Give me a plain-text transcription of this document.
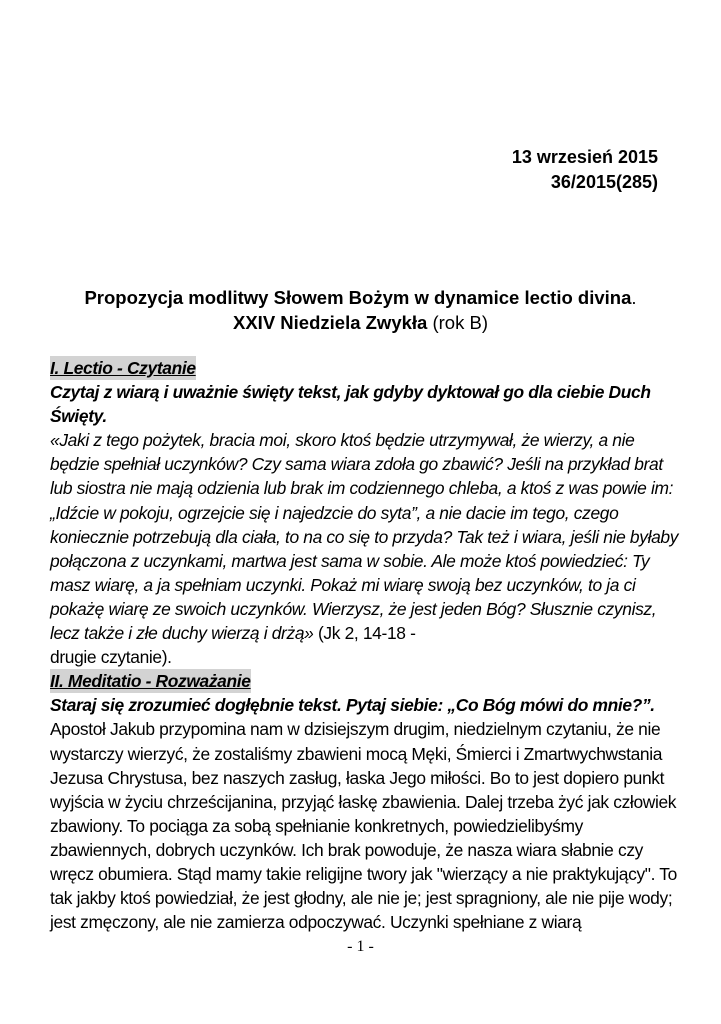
13 wrzesień 2015
36/2015(285)
Propozycja modlitwy Słowem Bożym w dynamice lectio divina.
XXIV Niedziela Zwykła (rok B)
I. Lectio - Czytanie
Czytaj z wiarą i uważnie święty tekst, jak gdyby dyktował go dla ciebie Duch Święty.
«Jaki z tego pożytek, bracia moi, skoro ktoś będzie utrzymywał, że wierzy, a nie będzie spełniał uczynków? Czy sama wiara zdoła go zbawić? Jeśli na przykład brat lub siostra nie mają odzienia lub brak im codziennego chleba, a ktoś z was powie im: „Idźcie w pokoju, ogrzejcie się i najedzcie do syta”, a nie dacie im tego, czego koniecznie potrzebują dla ciała, to na co się to przyda? Tak też i wiara, jeśli nie byłaby połączona z uczynkami, martwa jest sama w sobie. Ale może ktoś powiedzieć: Ty masz wiarę, a ja spełniam uczynki. Pokaż mi wiarę swoją bez uczynków, to ja ci pokażę wiarę ze swoich uczynków. Wierzysz, że jest jeden Bóg? Słusznie czynisz, lecz także i złe duchy wierzą i drżą» (Jk 2, 14-18 -
drugie czytanie).
II. Meditatio - Rozważanie
Staraj się zrozumieć dogłębnie tekst. Pytaj siebie: „Co Bóg mówi do mnie?”.
Apostoł Jakub przypomina nam w dzisiejszym drugim, niedzielnym czytaniu, że nie wystarczy wierzyć, że zostaliśmy zbawieni mocą Męki, Śmierci i Zmartwychwstania Jezusa Chrystusa, bez naszych zasług, łaska Jego miłości. Bo to jest dopiero punkt wyjścia w życiu chrześcijanina, przyjąć łaskę zbawienia. Dalej trzeba żyć jak człowiek zbawiony. To pociąga za sobą spełnianie konkretnych, powiedzielibyśmy zbawiennych, dobrych uczynków. Ich brak powoduje, że nasza wiara słabnie czy wręcz obumiera. Stąd mamy takie religijne twory jak "wierzący a nie praktykujący". To tak jakby ktoś powiedział, że jest głodny, ale nie je; jest spragniony, ale nie pije wody; jest zmęczony, ale nie zamierza odpoczywać. Uczynki spełniane z wiarą
- 1 -
